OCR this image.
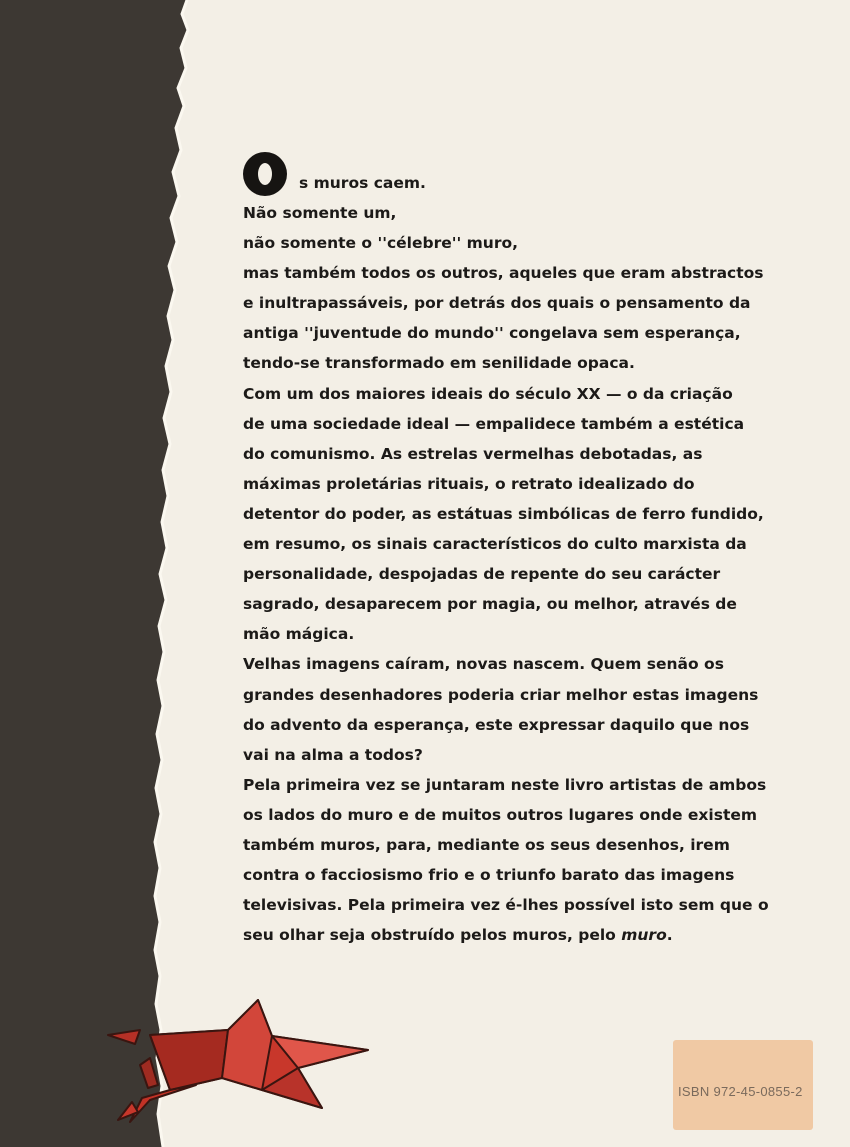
s muros caem.
Não somente um,
não somente o ''célebre'' muro,
mas também todos os outros, aqueles que eram abstractos
e inultrapassáveis, por detrás dos quais o pensamento da
antiga ''juventude do mundo'' congelava sem esperança,
tendo-se transformado em senilidade opaca.
Com um dos maiores ideais do século XX — o da criação
de uma sociedade ideal — empalidece também a estética
do comunismo. As estrelas vermelhas debotadas, as
máximas proletárias rituais, o retrato idealizado do
detentor do poder, as estátuas simbólicas de ferro fundido,
em resumo, os sinais característicos do culto marxista da
personalidade, despojadas de repente do seu carácter
sagrado, desaparecem por magia, ou melhor, através de
mão mágica.
Velhas imagens caíram, novas nascem. Quem senão os
grandes desenhadores poderia criar melhor estas imagens
do advento da esperança, este expressar daquilo que nos
vai na alma a todos?
Pela primeira vez se juntaram neste livro artistas de ambos
os lados do muro e de muitos outros lugares onde existem
também muros, para, mediante os seus desenhos, irem
contra o facciosismo frio e o triunfo barato das imagens
televisivas. Pela primeira vez é-lhes possível isto sem que o
seu olhar seja obstruído pelos muros, pelo muro.
ISBN 972-45-0855-2
